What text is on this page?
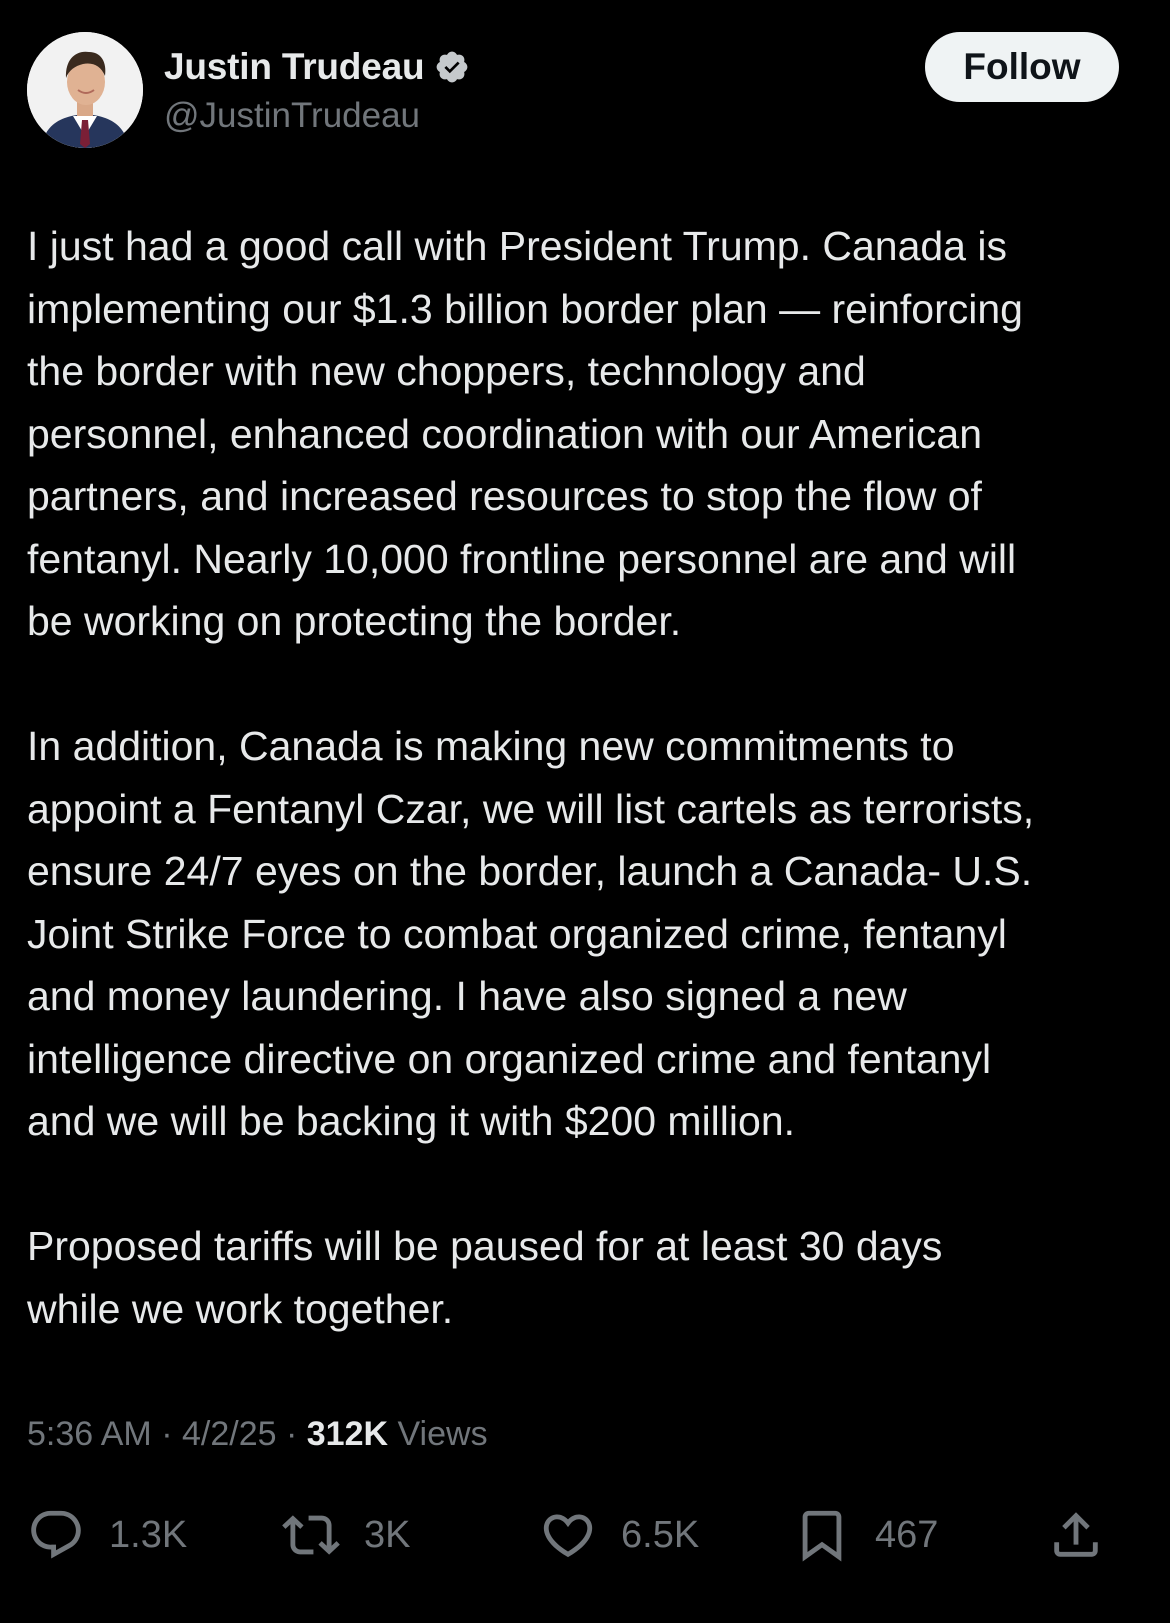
Justin Trudeau
@JustinTrudeau
Follow
I just had a good call with President Trump. Canada is
implementing our $1.3 billion border plan — reinforcing
the border with new choppers, technology and
personnel, enhanced coordination with our American
partners, and increased resources to stop the flow of
fentanyl. Nearly 10,000 frontline personnel are and will
be working on protecting the border.
In addition, Canada is making new commitments to
appoint a Fentanyl Czar, we will list cartels as terrorists,
ensure 24/7 eyes on the border, launch a Canada- U.S.
Joint Strike Force to combat organized crime, fentanyl
and money laundering. I have also signed a new
intelligence directive on organized crime and fentanyl
and we will be backing it with $200 million.
Proposed tariffs will be paused for at least 30 days
while we work together.
5:36 AM · 4/2/25 · 312K Views
1.3K	3K	6.5K	467
